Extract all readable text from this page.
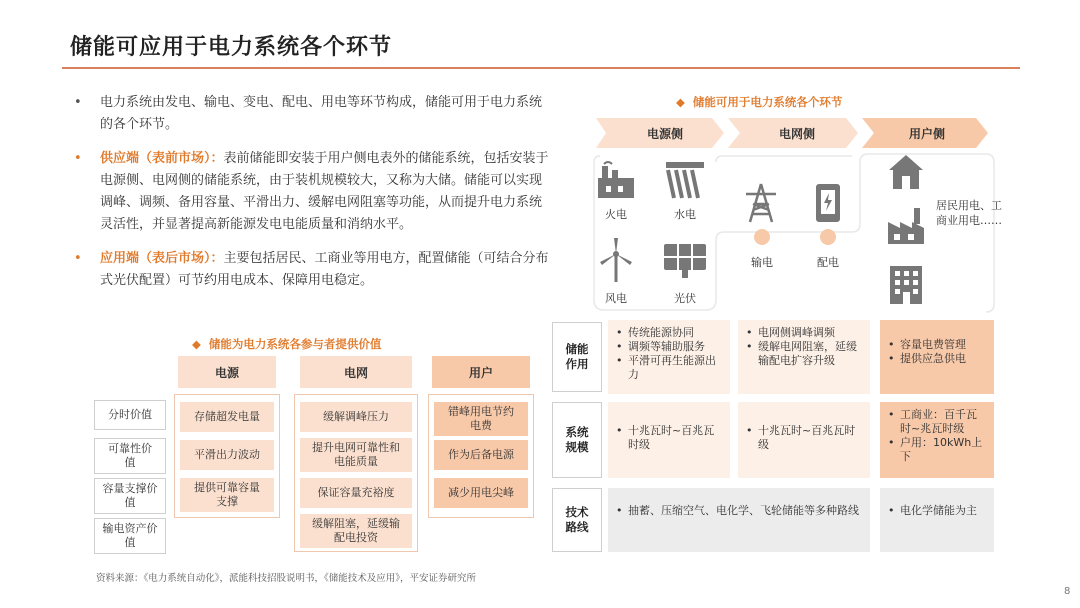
储能可应用于电力系统各个环节
• 电力系统由发电、输电、变电、配电、用电等环节构成，储能可用于电力系统的各个环节。
• 供应端（表前市场）：表前储能即安装于用户侧电表外的储能系统，包括安装于电源侧、电网侧的储能系统，由于装机规模较大，又称为大储。储能可以实现调峰、调频、备用容量、平滑出力、缓解电网阻塞等功能，从而提升电力系统灵活性，并显著提高新能源发电电能质量和消纳水平。
• 应用端（表后市场）：主要包括居民、工商业等用电方，配置储能（可结合分布式光伏配置）可节约用电成本、保障用电稳定。
◆ 储能为电力系统各参与者提供价值
电源	电网	用户
分时价值
可靠性价值
容量支撑价值
输电资产价值
存储超发电量
平滑出力波动
提供可靠容量支撑
缓解调峰压力
提升电网可靠性和电能质量
保证容量充裕度
缓解阻塞，延缓输配电投资
错峰用电节约电费
作为后备电源
减少用电尖峰
◆ 储能可用于电力系统各个环节
电源侧	电网侧	用户侧
火电	水电
风电	光伏
输电	配电
居民用电、工商业用电……
储能作用
系统规模
技术路线
• 传统能源协同
• 调频等辅助服务
• 平滑可再生能源出力
• 电网侧调峰调频
• 缓解电网阻塞，延缓输配电扩容升级
• 容量电费管理
• 提供应急供电
• 十兆瓦时~百兆瓦时级
• 十兆瓦时~百兆瓦时级
• 工商业：百千瓦时~兆瓦时级
• 户用：10kWh上下
• 抽蓄、压缩空气、电化学、飞轮储能等多种路线
•	电化学储能为主
资料来源：《电力系统自动化》，派能科技招股说明书，《储能技术及应用》，平安证券研究所
8
